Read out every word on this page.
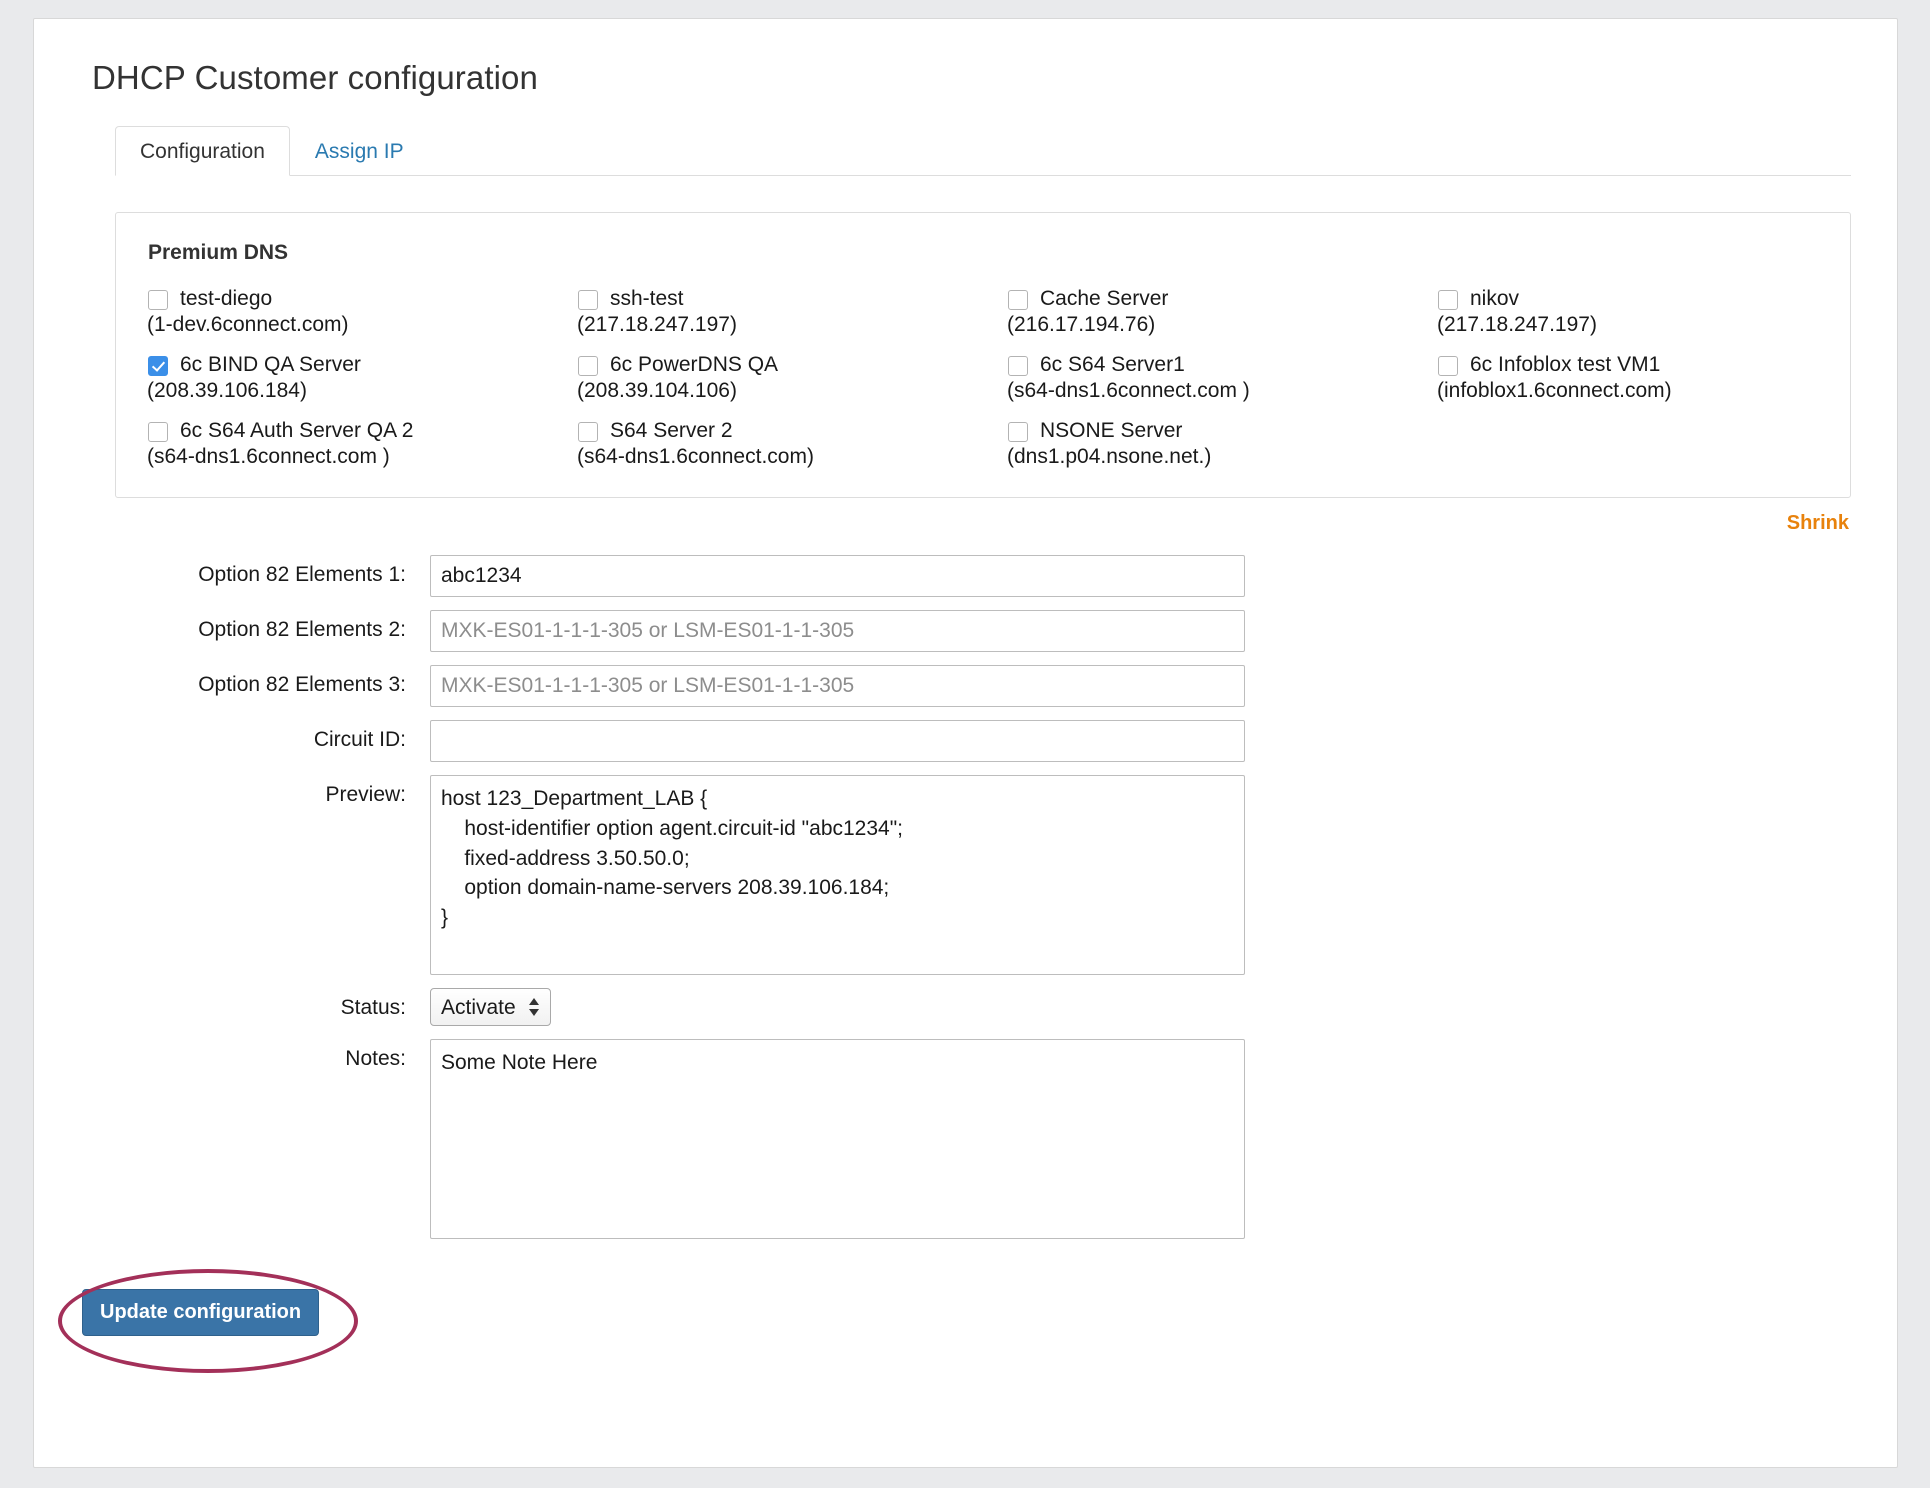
DHCP Customer configuration
Configuration	Assign IP
Premium DNS
test-diego
(1-dev.6connect.com)
ssh-test
(217.18.247.197)
Cache Server
(216.17.194.76)
nikov
(217.18.247.197)
6c BIND QA Server
(208.39.106.184)
6c PowerDNS QA
(208.39.104.106)
6c S64 Server1
(s64-dns1.6connect.com )
6c Infoblox test VM1
(infoblox1.6connect.com)
6c S64 Auth Server QA 2
(s64-dns1.6connect.com )
S64 Server 2
(s64-dns1.6connect.com)
NSONE Server
(dns1.p04.nsone.net.)
Shrink
Option 82 Elements 1:
abc1234
Option 82 Elements 2:
MXK-ES01-1-1-1-305 or LSM-ES01-1-1-305
Option 82 Elements 3:
MXK-ES01-1-1-1-305 or LSM-ES01-1-1-305
Circuit ID:
Preview:
host 123_Department_LAB { host-identifier option agent.circuit-id "abc1234"; fixed-address 3.50.50.0; option domain-name-servers 208.39.106.184; }
Status:
Activate
Notes:
Some Note Here
Update configuration
